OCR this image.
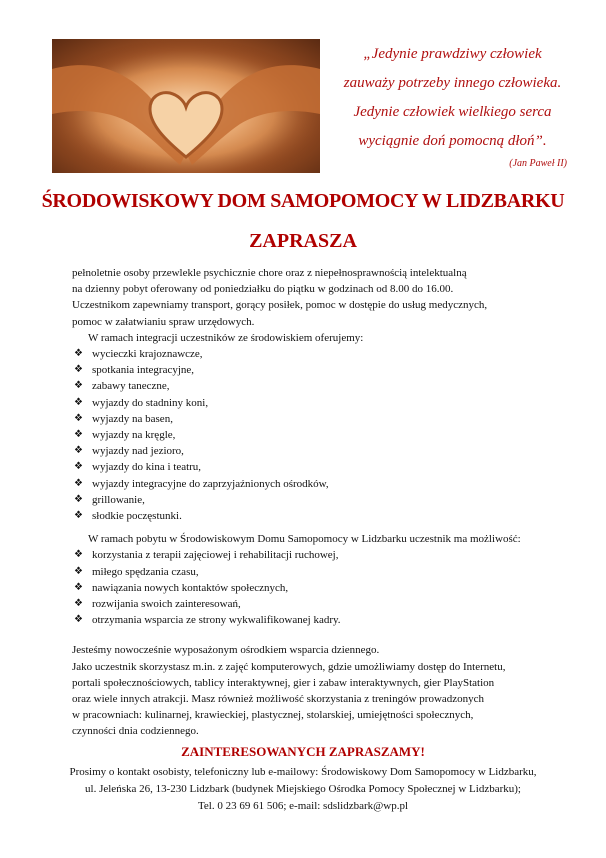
„Jedynie prawdziwy człowiek

zauważy potrzeby innego człowieka.

Jedynie człowiek wielkiego serca

wyciągnie doń pomocną dłoń”.

(Jan Paweł II)

ŚRODOWISKOWY DOM SAMOPOMOCY W LIDZBARKU
ZAPRASZA

pełnoletnie osoby przewlekle psychicznie chore oraz z niepełnosprawnością intelektualną

na dzienny pobyt oferowany od poniedziałku do piątku w godzinach od 8.00 do 16.00.

Uczestnikom zapewniamy transport, gorący posiłek, pomoc w dostępie do usług medycznych,

pomoc w załatwianiu spraw urzędowych.

W ramach integracji uczestników ze środowiskiem oferujemy:

❖ wycieczki krajoznawcze,
❖ spotkania integracyjne,
❖ zabawy taneczne,
❖ wyjazdy do stadniny koni,
❖ wyjazdy na basen,
❖ wyjazdy na kręgle,
❖ wyjazdy nad jezioro,
❖ wyjazdy do kina i teatru,
❖ wyjazdy integracyjne do zaprzyjaźnionych ośrodków,
❖ grillowanie,
❖ słodkie poczęstunki.

W ramach pobytu w Środowiskowym Domu Samopomocy w Lidzbarku uczestnik ma możliwość:

❖ korzystania z terapii zajęciowej i rehabilitacji ruchowej,
❖ miłego spędzania czasu,
❖ nawiązania nowych kontaktów społecznych,
❖ rozwijania swoich zainteresowań,
❖ otrzymania wsparcia ze strony wykwalifikowanej kadry.

Jesteśmy nowocześnie wyposażonym ośrodkiem wsparcia dziennego.

Jako uczestnik skorzystasz m.in. z zajęć komputerowych, gdzie umożliwiamy dostęp do Internetu,

portali społecznościowych, tablicy interaktywnej, gier i zabaw interaktywnych, gier PlayStation

oraz wiele innych atrakcji. Masz również możliwość skorzystania z treningów prowadzonych

w pracowniach: kulinarnej, krawieckiej, plastycznej, stolarskiej, umiejętności społecznych,

czynności dnia codziennego.

ZAINTERESOWANYCH ZAPRASZAMY!

Prosimy o kontakt osobisty, telefoniczny lub e-mailowy: Środowiskowy Dom Samopomocy w Lidzbarku,

ul. Jeleńska 26, 13-230 Lidzbark (budynek Miejskiego Ośrodka Pomocy Społecznej w Lidzbarku);

Tel. 0 23 69 61 506; e-mail: sdslidzbark@wp.pl
